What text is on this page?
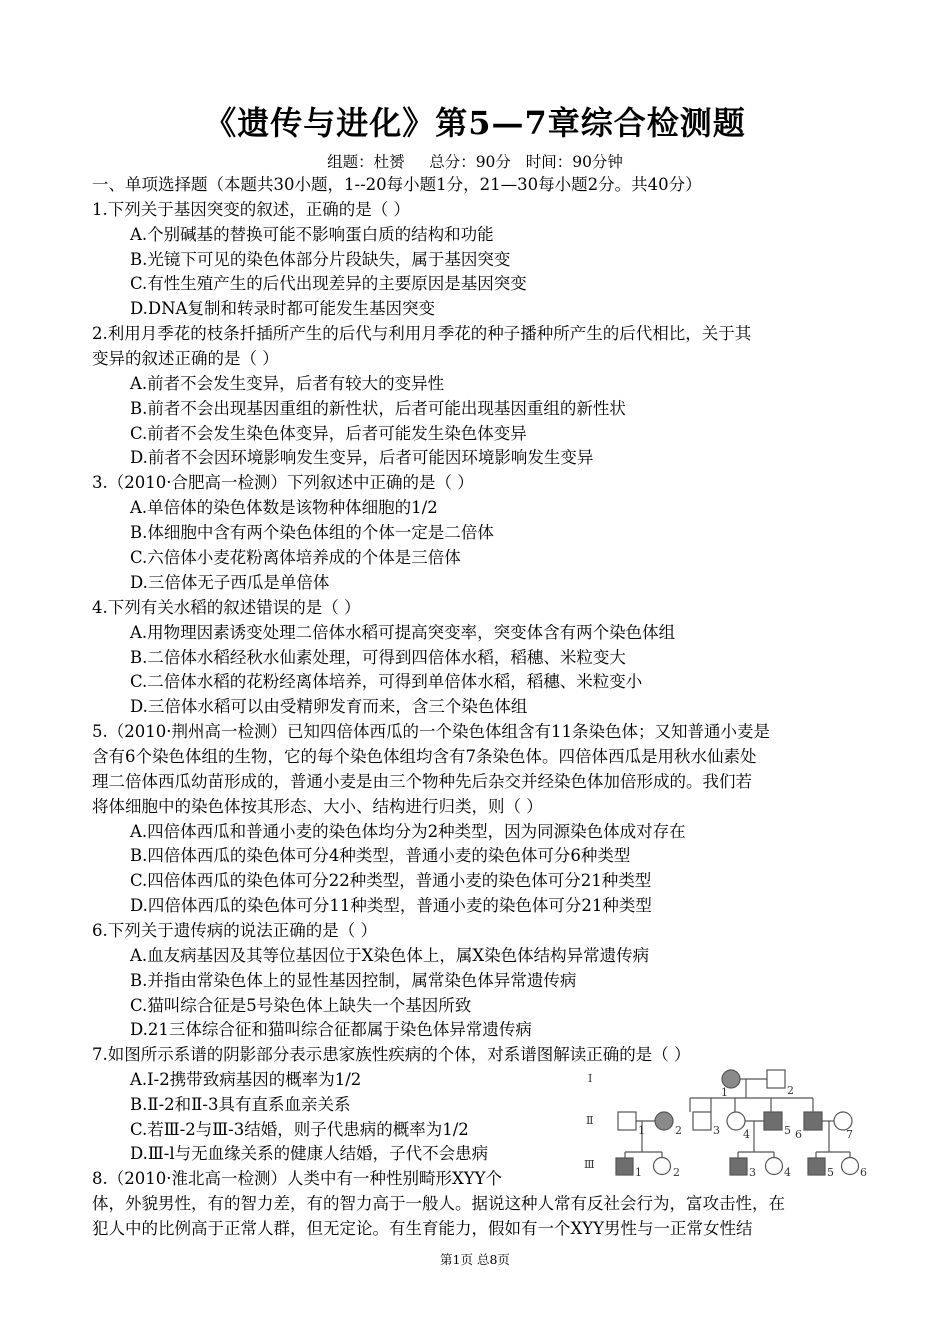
《遗传与进化》第5—7章综合检测题
组题：杜赟     总分：90分   时间：90分钟
一、单项选择题（本题共30小题，1--20每小题1分，21—30每小题2分。共40分）
1.下列关于基因突变的叙述，正确的是（ ）
A.个别碱基的替换可能不影响蛋白质的结构和功能
B.光镜下可见的染色体部分片段缺失，属于基因突变
C.有性生殖产生的后代出现差异的主要原因是基因突变
D.DNA复制和转录时都可能发生基因突变
2.利用月季花的枝条扦插所产生的后代与利用月季花的种子播种所产生的后代相比，关于其
变异的叙述正确的是（ ）
A.前者不会发生变异，后者有较大的变异性
B.前者不会出现基因重组的新性状，后者可能出现基因重组的新性状
C.前者不会发生染色体变异，后者可能发生染色体变异
D.前者不会因环境影响发生变异，后者可能因环境影响发生变异
3.（2010·合肥高一检测）下列叙述中正确的是（ ）
A.单倍体的染色体数是该物种体细胞的1/2
B.体细胞中含有两个染色体组的个体一定是二倍体
C.六倍体小麦花粉离体培养成的个体是三倍体
D.三倍体无子西瓜是单倍体
4.下列有关水稻的叙述错误的是（ ）
A.用物理因素诱变处理二倍体水稻可提高突变率，突变体含有两个染色体组
B.二倍体水稻经秋水仙素处理，可得到四倍体水稻，稻穗、米粒变大
C.二倍体水稻的花粉经离体培养，可得到单倍体水稻，稻穗、米粒变小
D.三倍体水稻可以由受精卵发育而来，含三个染色体组
5.（2010·荆州高一检测）已知四倍体西瓜的一个染色体组含有11条染色体；又知普通小麦是
含有6个染色体组的生物，它的每个染色体组均含有7条染色体。四倍体西瓜是用秋水仙素处
理二倍体西瓜幼苗形成的，普通小麦是由三个物种先后杂交并经染色体加倍形成的。我们若
将体细胞中的染色体按其形态、大小、结构进行归类，则（ ）
A.四倍体西瓜和普通小麦的染色体均分为2种类型，因为同源染色体成对存在
B.四倍体西瓜的染色体可分4种类型，普通小麦的染色体可分6种类型
C.四倍体西瓜的染色体可分22种类型，普通小麦的染色体可分21种类型
D.四倍体西瓜的染色体可分11种类型，普通小麦的染色体可分21种类型
6.下列关于遗传病的说法正确的是（ ）
A.血友病基因及其等位基因位于X染色体上，属X染色体结构异常遗传病
B.并指由常染色体上的显性基因控制，属常染色体异常遗传病
C.猫叫综合征是5号染色体上缺失一个基因所致
D.21三体综合征和猫叫综合征都属于染色体异常遗传病
7.如图所示系谱的阴影部分表示患家族性疾病的个体，对系谱图解读正确的是（ ）
A.Ⅰ-2携带致病基因的概率为1/2
B.Ⅱ-2和Ⅱ-3具有直系血亲关系
C.若Ⅲ-2与Ⅲ-3结婚，则子代患病的概率为1/2
D.Ⅲ-l与无血缘关系的健康人结婚，子代不会患病
8.（2010·淮北高一检测）人类中有一种性别畸形XYY个
体，外貌男性，有的智力差，有的智力高于一般人。据说这种人常有反社会行为，富攻击性，在
犯人中的比例高于正常人群，但无定论。有生育能力，假如有一个XYY男性与一正常女性结
Ⅰ
Ⅱ
Ⅲ
1	2
1	2	3 4	5 6	7
1	2	3	4	5 6
第1页 总8页
